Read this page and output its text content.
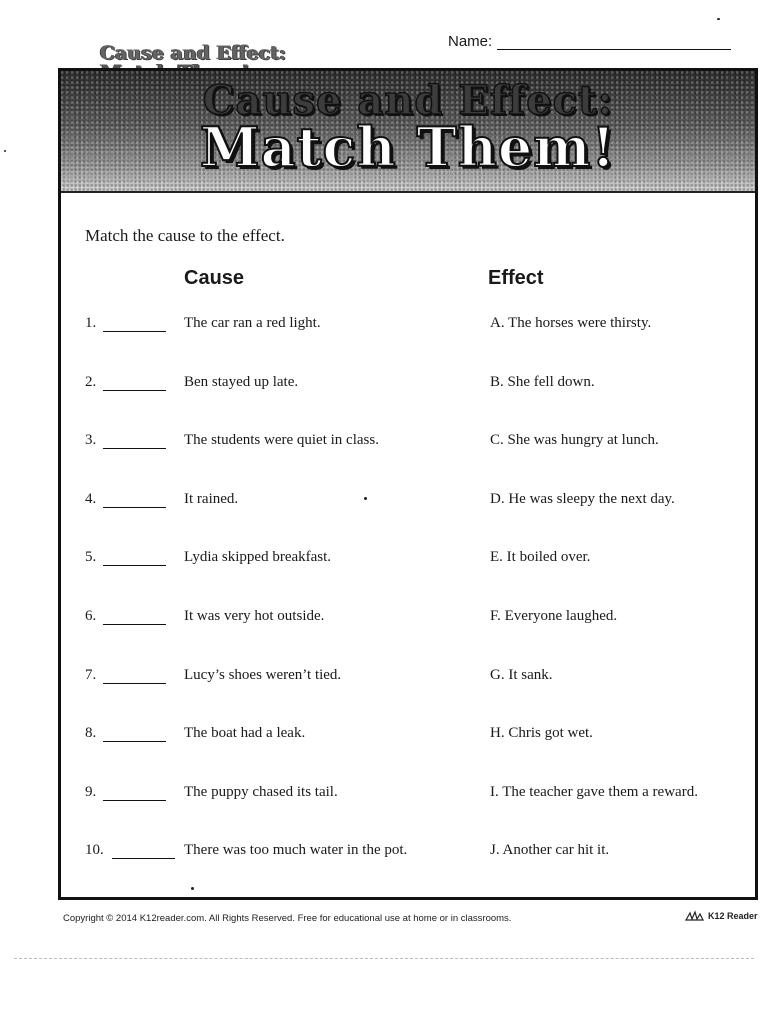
Name:
Cause and Effect:
Cause and Effect:
Match Them!
Match the cause to the effect.
Cause	Effect
1.	The car ran a red light.	A. The horses were thirsty.
2.	Ben stayed up late.	B. She fell down.
3.	The students were quiet in class.	C. She was hungry at lunch.
4.	It rained.	D. He was sleepy the next day.
5.	Lydia skipped breakfast.	E. It boiled over.
6.	It was very hot outside.	F. Everyone laughed.
7.	Lucy’s shoes weren’t tied.	G. It sank.
8.	The boat had a leak.	H. Chris got wet.
9.	The puppy chased its tail.	I. The teacher gave them a reward.
10.	There was too much water in the pot.	J. Another car hit it.
Copyright © 2014 K12reader.com. All Rights Reserved. Free for educational use at home or in classrooms.	K12 Reader
